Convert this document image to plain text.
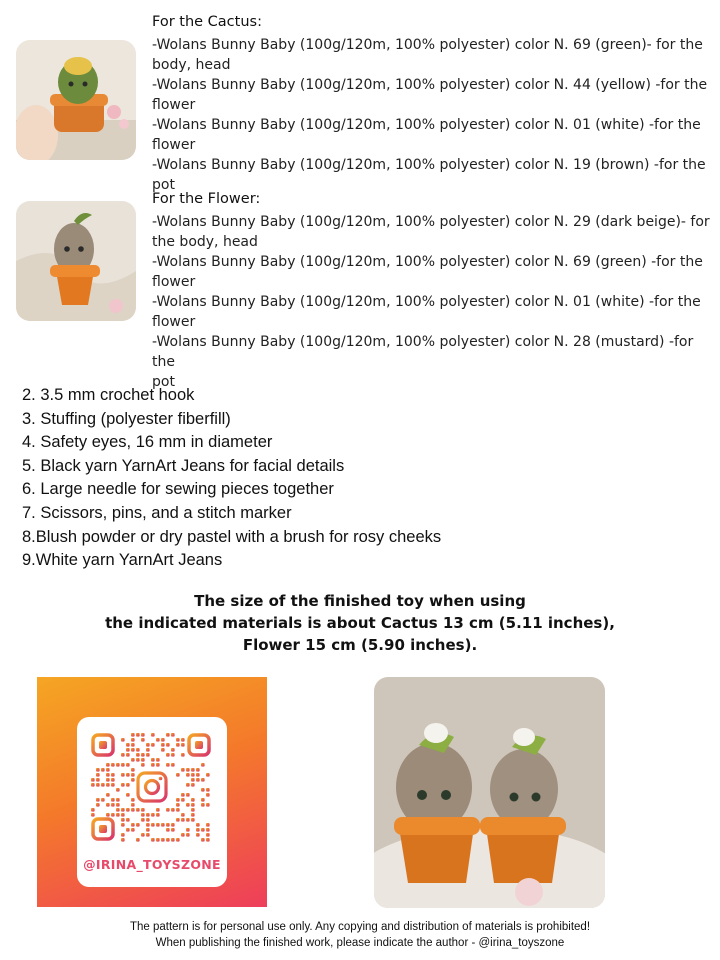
For the Cactus:

-Wolans Bunny Baby (100g/120m, 100% polyester) color N. 69 (green)- for the

body, head

-Wolans Bunny Baby (100g/120m, 100% polyester) color N. 44 (yellow) -for the

flower

-Wolans Bunny Baby (100g/120m, 100% polyester) color N. 01 (white) -for the

flower

-Wolans Bunny Baby (100g/120m, 100% polyester) color N. 19 (brown) -for the pot

For the Flower:

-Wolans Bunny Baby (100g/120m, 100% polyester) color N. 29 (dark beige)- for

the body, head

-Wolans Bunny Baby (100g/120m, 100% polyester) color N. 69 (green) -for the

flower

-Wolans Bunny Baby (100g/120m, 100% polyester) color N. 01 (white) -for the

flower

-Wolans Bunny Baby (100g/120m, 100% polyester) color N. 28 (mustard) -for the

pot

2. 3.5 mm crochet hook

3. Stuffing (polyester fiberfill)

4. Safety eyes, 16 mm in diameter

5. Black yarn YarnArt Jeans for facial details

6. Large needle for sewing pieces together

7. Scissors, pins, and a stitch marker

8.Blush powder or dry pastel with a brush for rosy cheeks

9.White yarn YarnArt Jeans

The size of the finished toy when using

the indicated materials is about Cactus 13 cm (5.11 inches),

Flower 15 cm (5.90 inches).

@IRINA_TOYSZONE

The pattern is for personal use only. Any copying and distribution of materials is prohibited!

When publishing the finished work, please indicate the author - @irina_toyszone
